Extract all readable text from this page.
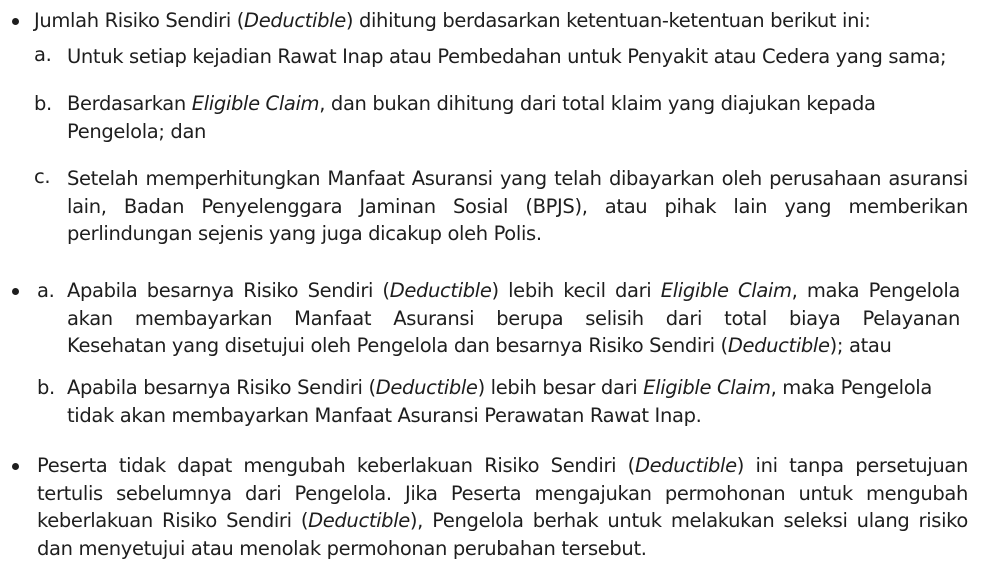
Jumlah Risiko Sendiri (Deductible) dihitung berdasarkan ketentuan-ketentuan berikut ini:
a. Untuk setiap kejadian Rawat Inap atau Pembedahan untuk Penyakit atau Cedera yang sama;
b. Berdasarkan Eligible Claim, dan bukan dihitung dari total klaim yang diajukan kepada
Pengelola; dan
c. Setelah memperhitungkan Manfaat Asuransi yang telah dibayarkan oleh perusahaan asuransi
lain, Badan Penyelenggara Jaminan Sosial (BPJS), atau pihak lain yang memberikan
perlindungan sejenis yang juga dicakup oleh Polis.
a. Apabila besarnya Risiko Sendiri (Deductible) lebih kecil dari Eligible Claim, maka Pengelola
akan membayarkan Manfaat Asuransi berupa selisih dari total biaya Pelayanan
Kesehatan yang disetujui oleh Pengelola dan besarnya Risiko Sendiri (Deductible); atau
b. Apabila besarnya Risiko Sendiri (Deductible) lebih besar dari Eligible Claim, maka Pengelola
tidak akan membayarkan Manfaat Asuransi Perawatan Rawat Inap.
Peserta tidak dapat mengubah keberlakuan Risiko Sendiri (Deductible) ini tanpa persetujuan
tertulis sebelumnya dari Pengelola. Jika Peserta mengajukan permohonan untuk mengubah
keberlakuan Risiko Sendiri (Deductible), Pengelola berhak untuk melakukan seleksi ulang risiko
dan menyetujui atau menolak permohonan perubahan tersebut.
